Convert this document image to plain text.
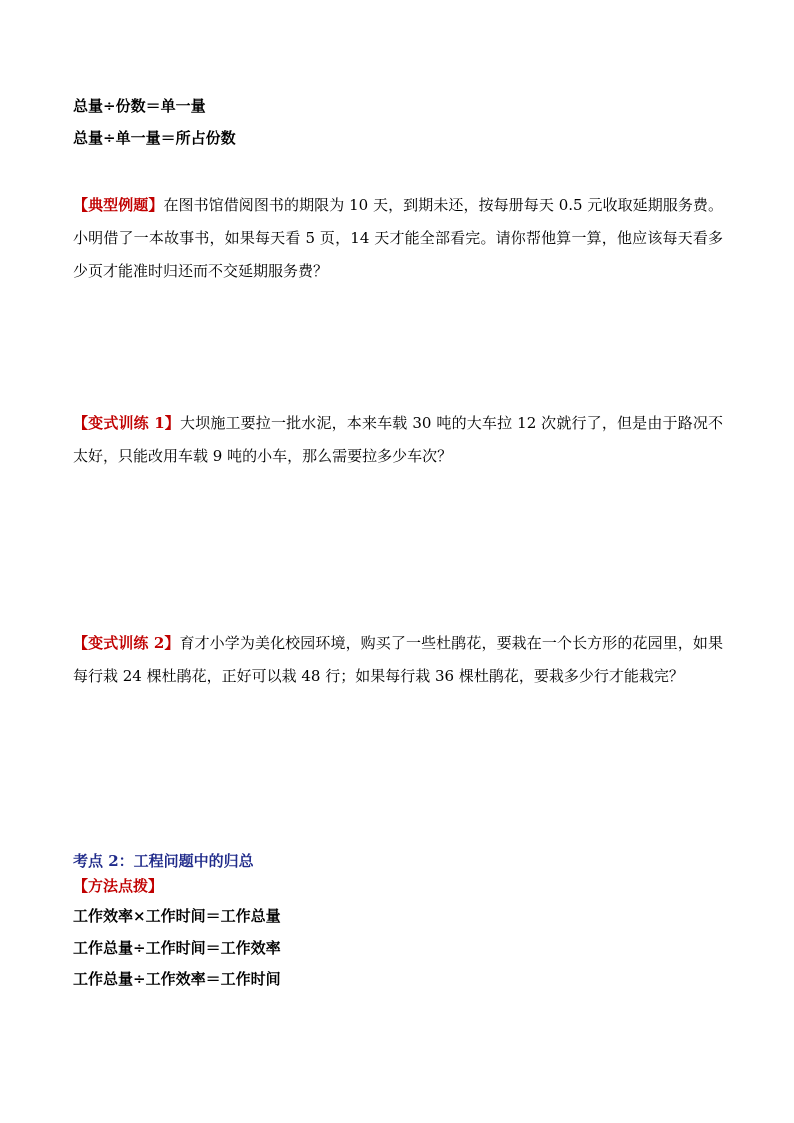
总量÷份数＝单一量
总量÷单一量＝所占份数
【典型例题】在图书馆借阅图书的期限为 10 天，到期未还，按每册每天 0.5 元收取延期服务费。小明借了一本故事书，如果每天看 5 页，14 天才能全部看完。请你帮他算一算，他应该每天看多少页才能准时归还而不交延期服务费？
【变式训练 1】大坝施工要拉一批水泥，本来车载 30 吨的大车拉 12 次就行了，但是由于路况不太好，只能改用车载 9 吨的小车，那么需要拉多少车次？
【变式训练 2】育才小学为美化校园环境，购买了一些杜鹃花，要栽在一个长方形的花园里，如果每行栽 24 棵杜鹃花，正好可以栽 48 行；如果每行栽 36 棵杜鹃花，要栽多少行才能栽完？
考点 2：工程问题中的归总
【方法点拨】
工作效率×工作时间＝工作总量
工作总量÷工作时间＝工作效率
工作总量÷工作效率＝工作时间
